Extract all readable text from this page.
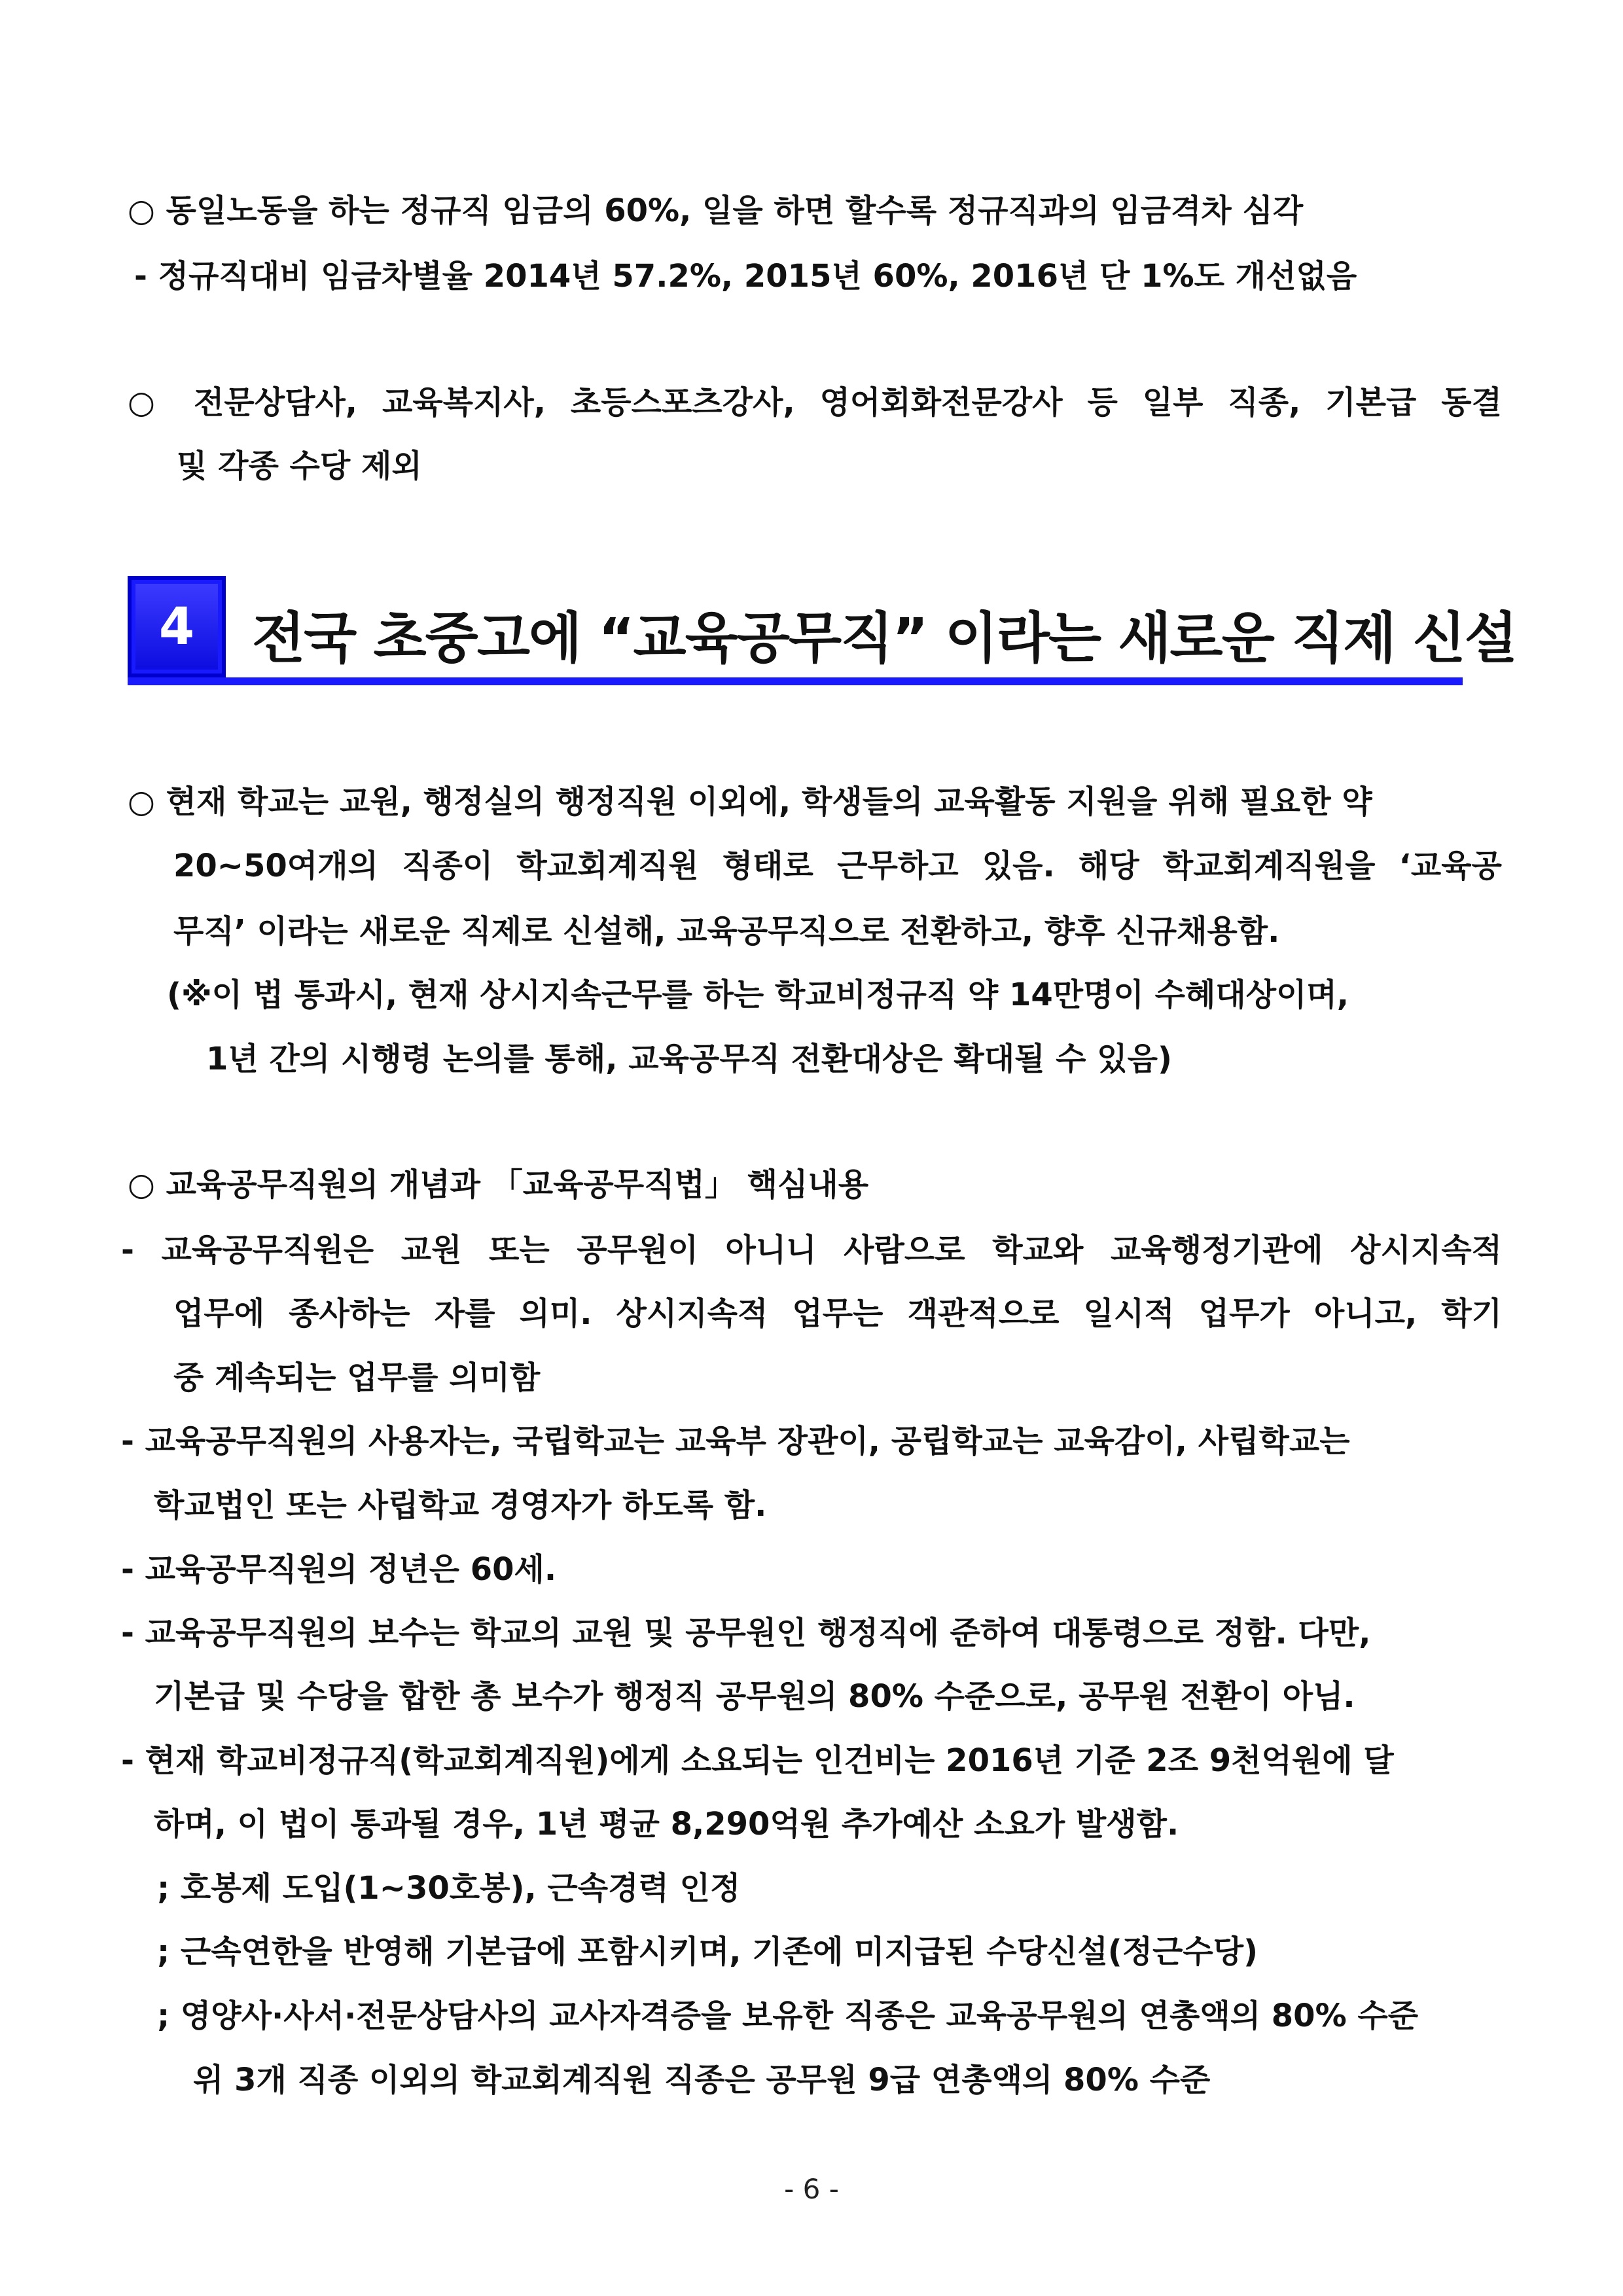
○ 동일노동을 하는 정규직 임금의 60%, 일을 하면 할수록 정규직과의 임금격차 심각
- 정규직대비 임금차별율 2014년 57.2%, 2015년 60%, 2016년 단 1%도 개선없음
○ 전문상담사, 교육복지사, 초등스포츠강사, 영어회화전문강사 등 일부 직종, 기본급 동결
및 각종 수당 제외
4	전국 초중고에 “교육공무직” 이라는 새로운 직제 신설
○ 현재 학교는 교원, 행정실의 행정직원 이외에, 학생들의 교육활동 지원을 위해 필요한 약
20~50여개의 직종이 학교회계직원 형태로 근무하고 있음. 해당 학교회계직원을 ‘교육공
무직’ 이라는 새로운 직제로 신설해, 교육공무직으로 전환하고, 향후 신규채용함.
(※이 법 통과시, 현재 상시지속근무를 하는 학교비정규직 약 14만명이 수혜대상이며,
1년 간의 시행령 논의를 통해, 교육공무직 전환대상은 확대될 수 있음)
○ 교육공무직원의 개념과 「교육공무직법」 핵심내용
- 교육공무직원은 교원 또는 공무원이 아니니 사람으로 학교와 교육행정기관에 상시지속적
업무에 종사하는 자를 의미. 상시지속적 업무는 객관적으로 일시적 업무가 아니고, 학기
중 계속되는 업무를 의미함
- 교육공무직원의 사용자는, 국립학교는 교육부 장관이, 공립학교는 교육감이, 사립학교는
학교법인 또는 사립학교 경영자가 하도록 함.
- 교육공무직원의 정년은 60세.
- 교육공무직원의 보수는 학교의 교원 및 공무원인 행정직에 준하여 대통령으로 정함. 다만,
기본급 및 수당을 합한 총 보수가 행정직 공무원의 80% 수준으로, 공무원 전환이 아님.
- 현재 학교비정규직(학교회계직원)에게 소요되는 인건비는 2016년 기준 2조 9천억원에 달
하며, 이 법이 통과될 경우, 1년 평균 8,290억원 추가예산 소요가 발생함.
; 호봉제 도입(1~30호봉), 근속경력 인정
; 근속연한을 반영해 기본급에 포함시키며, 기존에 미지급된 수당신설(정근수당)
; 영양사·사서·전문상담사의 교사자격증을 보유한 직종은 교육공무원의 연총액의 80% 수준
위 3개 직종 이외의 학교회계직원 직종은 공무원 9급 연총액의 80% 수준
- 6 -
